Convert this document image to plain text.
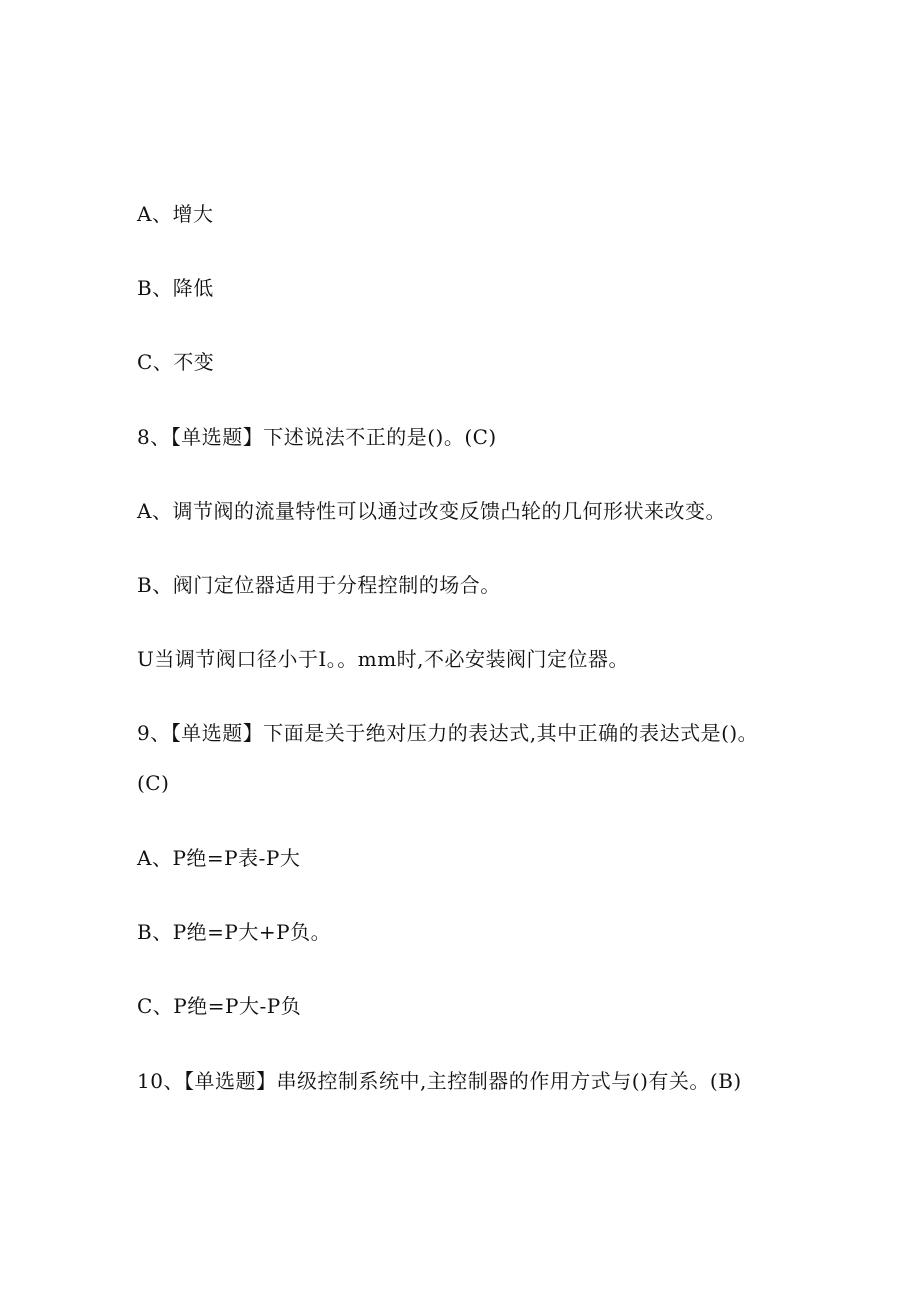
A、增大
B、降低
C、不变
8、【单选题】下述说法不正的是()。(C)
A、调节阀的流量特性可以通过改变反馈凸轮的几何形状来改变。
B、阀门定位器适用于分程控制的场合。
U当调节阀口径小于I。。mm时,不必安装阀门定位器。
9、【单选题】下面是关于绝对压力的表达式,其中正确的表达式是()。
(C)
A、P绝=P表-P大
B、P绝=P大+P负。
C、P绝=P大-P负
10、【单选题】串级控制系统中,主控制器的作用方式与()有关。(B)
